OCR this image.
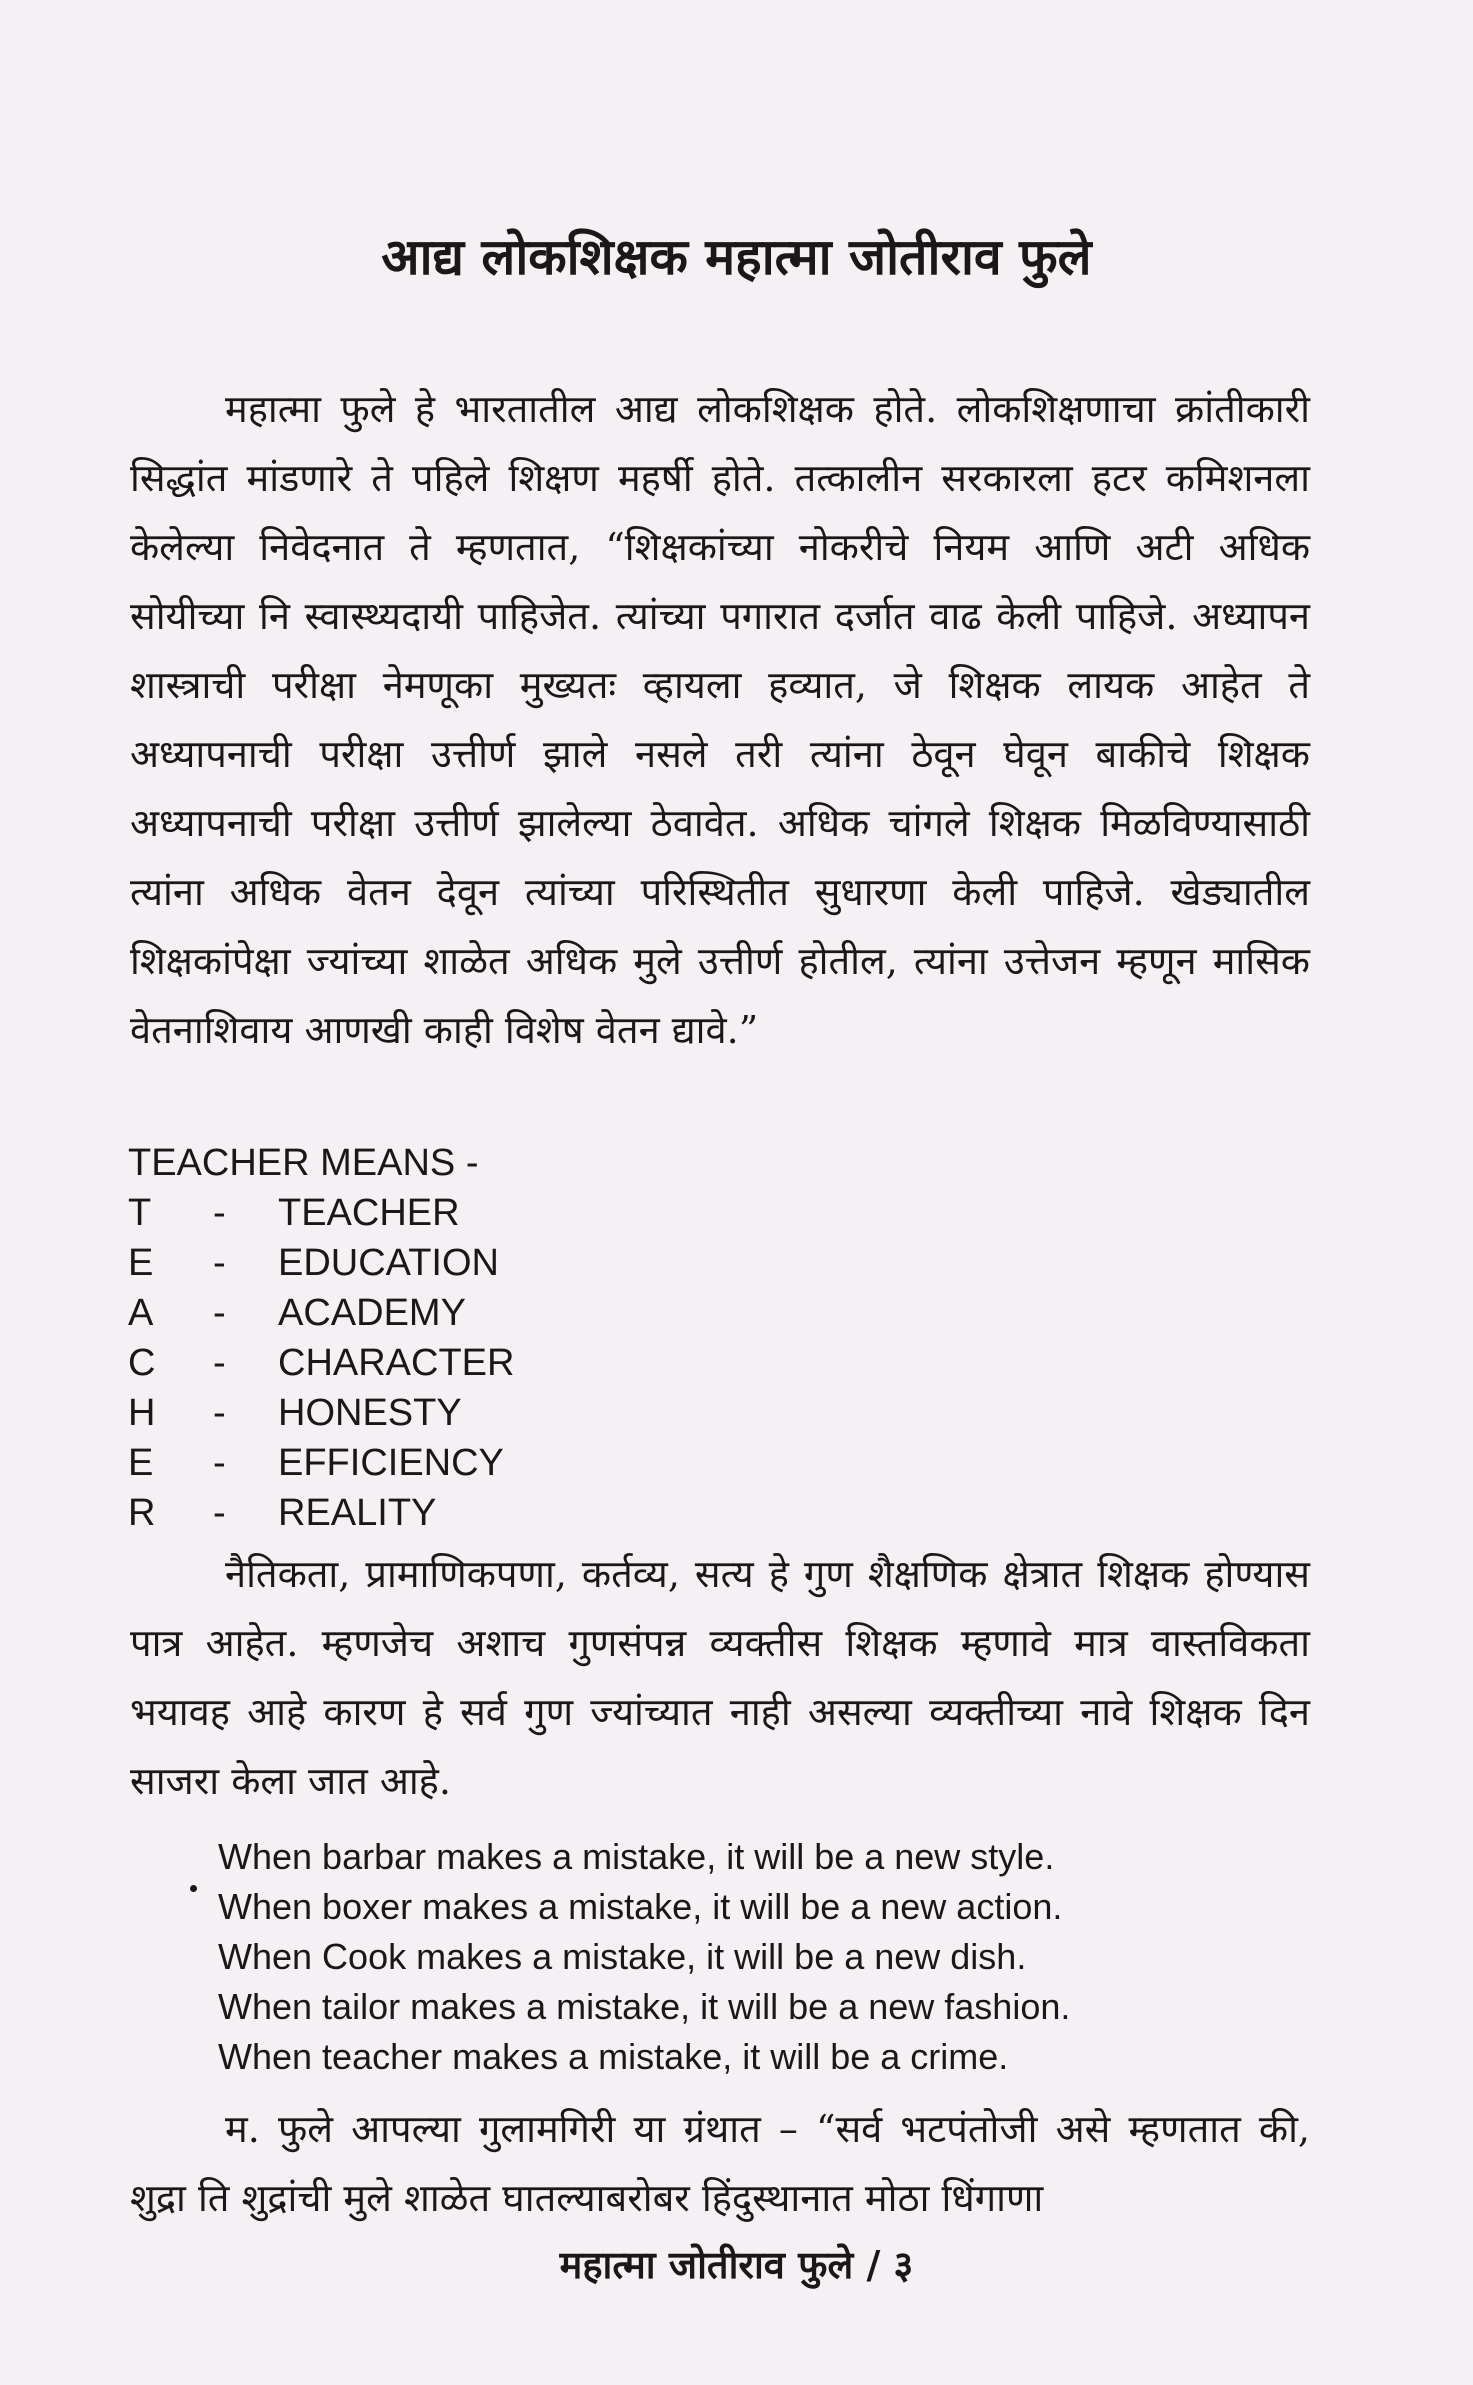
आद्य लोकशिक्षक महात्मा जोतीराव फुले

महात्मा फुले हे भारतातील आद्य लोकशिक्षक होते. लोकशिक्षणाचा क्रांतीकारी सिद्धांत मांडणारे ते पहिले शिक्षण महर्षी होते. तत्कालीन सरकारला हटर कमिशनला केलेल्या निवेदनात ते म्हणतात, “शिक्षकांच्या नोकरीचे नियम आणि अटी अधिक सोयीच्या नि स्वास्थ्यदायी पाहिजेत. त्यांच्या पगारात दर्जात वाढ केली पाहिजे. अध्यापन शास्त्राची परीक्षा नेमणूका मुख्यतः व्हायला हव्यात, जे शिक्षक लायक आहेत ते अध्यापनाची परीक्षा उत्तीर्ण झाले नसले तरी त्यांना ठेवून घेवून बाकीचे शिक्षक अध्यापनाची परीक्षा उत्तीर्ण झालेल्या ठेवावेत. अधिक चांगले शिक्षक मिळविण्यासाठी त्यांना अधिक वेतन देवून त्यांच्या परिस्थितीत सुधारणा केली पाहिजे. खेड्यातील शिक्षकांपेक्षा ज्यांच्या शाळेत अधिक मुले उत्तीर्ण होतील, त्यांना उत्तेजन म्हणून मासिक वेतनाशिवाय आणखी काही विशेष वेतन द्यावे.”

TEACHER MEANS -
T - TEACHER
E - EDUCATION
A - ACADEMY
C - CHARACTER
H - HONESTY
E - EFFICIENCY
R - REALITY

नैतिकता, प्रामाणिकपणा, कर्तव्य, सत्य हे गुण शैक्षणिक क्षेत्रात शिक्षक होण्यास पात्र आहेत. म्हणजेच अशाच गुणसंपन्न व्यक्तीस शिक्षक म्हणावे मात्र वास्तविकता भयावह आहे कारण हे सर्व गुण ज्यांच्यात नाही असल्या व्यक्तीच्या नावे शिक्षक दिन साजरा केला जात आहे.

When barbar makes a mistake, it will be a new style.
When boxer makes a mistake, it will be a new action.
When Cook makes a mistake, it will be a new dish.
When tailor makes a mistake, it will be a new fashion.
When teacher makes a mistake, it will be a crime.

म. फुले आपल्या गुलामगिरी या ग्रंथात – “सर्व भटपंतोजी असे म्हणतात की, शुद्रा ति शुद्रांची मुले शाळेत घातल्याबरोबर हिंदुस्थानात मोठा धिंगाणा

महात्मा जोतीराव फुले / ३
